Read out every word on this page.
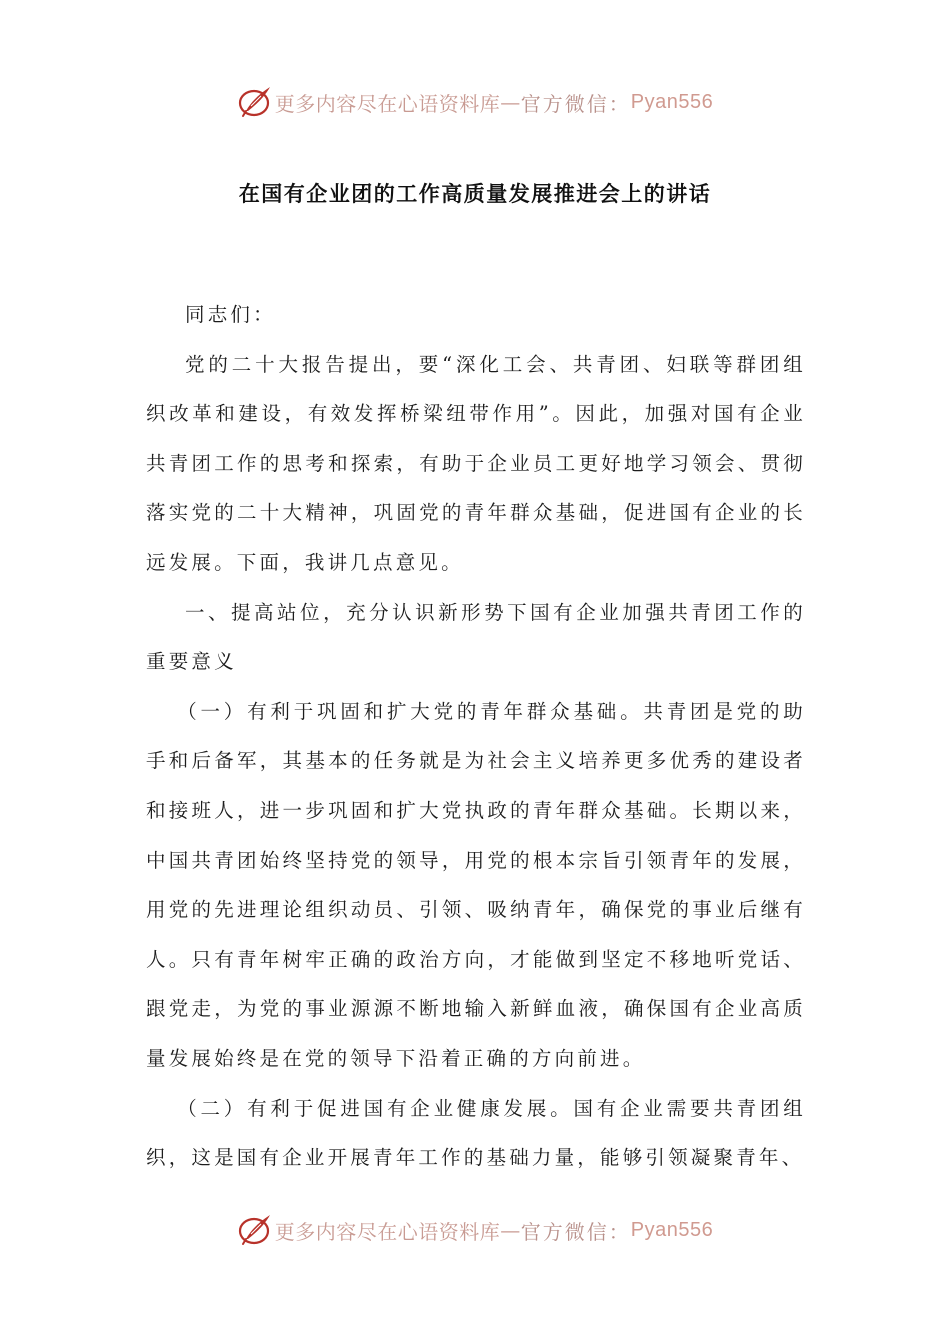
更多内容尽在心语资料库 — 官方微信： Pyan556
在国有企业团的工作高质量发展推进会上的讲话

同志们：

党的二十大报告提出，要“深化工会、共青团、妇联等群团组织改革和建设，有效发挥桥梁纽带作用”。因此，加强对国有企业共青团工作的思考和探索，有助于企业员工更好地学习领会、贯彻落实党的二十大精神，巩固党的青年群众基础，促进国有企业的长远发展。下面，我讲几点意见。

一、提高站位，充分认识新形势下国有企业加强共青团工作的重要意义

（一）有利于巩固和扩大党的青年群众基础。共青团是党的助手和后备军，其基本的任务就是为社会主义培养更多优秀的建设者和接班人，进一步巩固和扩大党执政的青年群众基础。长期以来，中国共青团始终坚持党的领导，用党的根本宗旨引领青年的发展，用党的先进理论组织动员、引领、吸纳青年，确保党的事业后继有人。只有青年树牢正确的政治方向，才能做到坚定不移地听党话、跟党走，为党的事业源源不断地输入新鲜血液，确保国有企业高质量发展始终是在党的领导下沿着正确的方向前进。

（二）有利于促进国有企业健康发展。国有企业需要共青团组织，这是国有企业开展青年工作的基础力量，能够引领凝聚青年、

更多内容尽在心语资料库 — 官方微信： Pyan556
